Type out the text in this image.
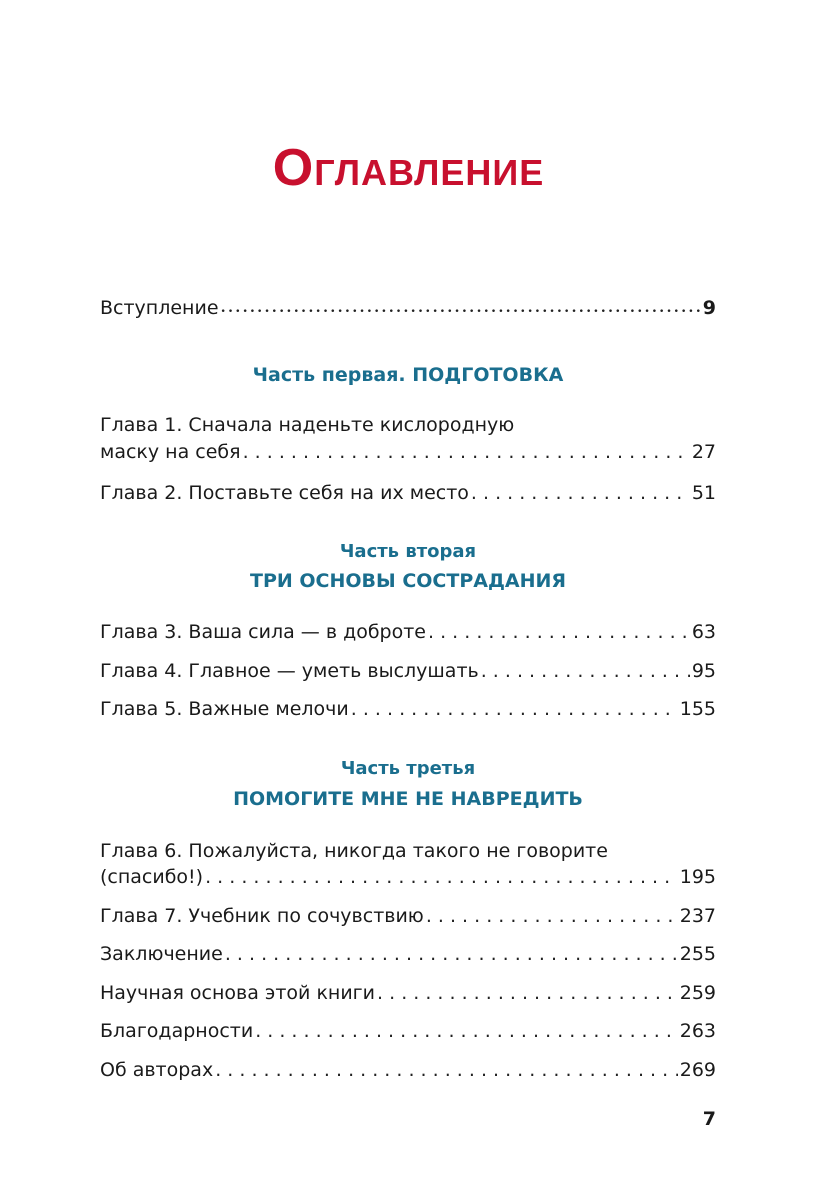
Оглавление
Вступление •••••	9
Часть первая. ПОДГОТОВКА
Глава 1. Сначала наденьте кислородную
маску на себя . . .	27
Глава 2. Поставьте себя на их место . . .	51
Часть вторая
ТРИ ОСНОВЫ СОСТРАДАНИЯ
Глава 3. Ваша сила — в доброте . . .	63
Глава 4. Главное — уметь выслушать . . .	95
Глава 5. Важные мелочи . . .	155
Часть третья
ПОМОГИТЕ МНЕ НЕ НАВРЕДИТЬ
Глава 6. Пожалуйста, никогда такого не говорите
(спасибо!) . . .	195
Глава 7. Учебник по сочувствию . . .	237
Заключение . . .	255
Научная основа этой книги . . .	259
Благодарности . . .	263
Об авторах . . .	269
7
